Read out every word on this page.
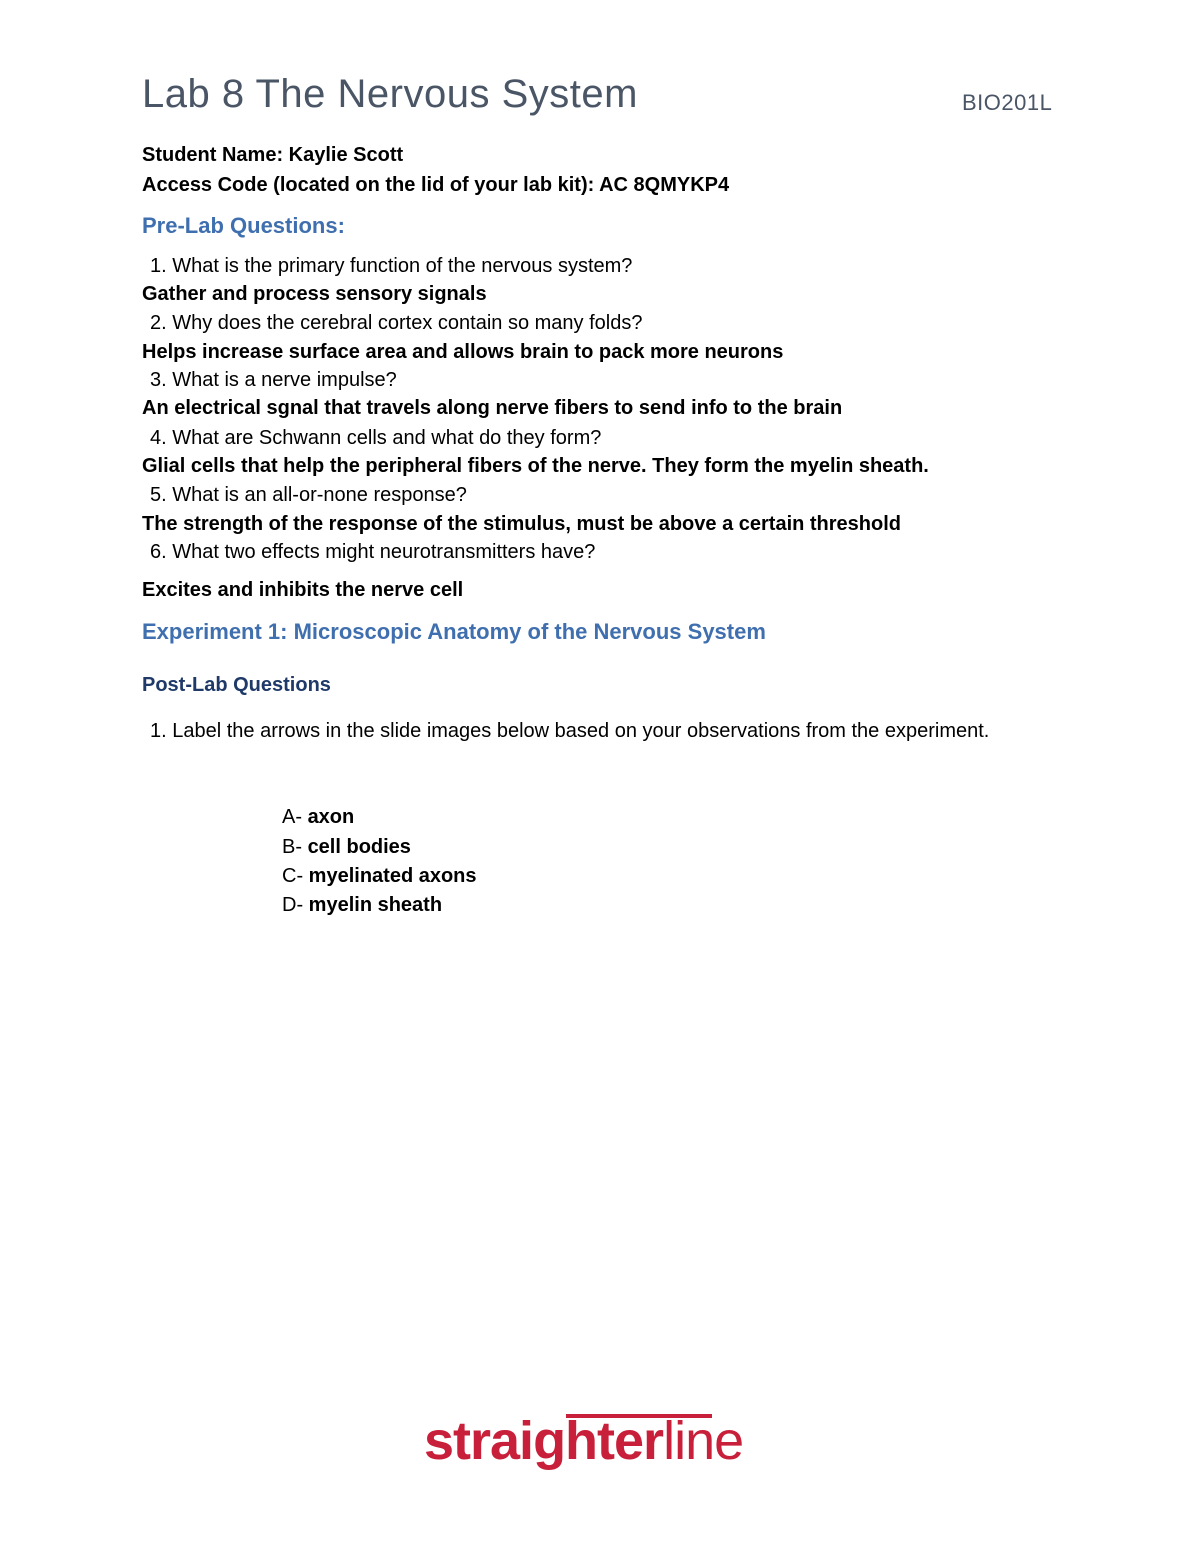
Lab 8 The Nervous System	BIO201L
Student Name: Kaylie Scott
Access Code (located on the lid of your lab kit): AC 8QMYKP4
Pre-Lab Questions:
1. What is the primary function of the nervous system?
Gather and process sensory signals
2. Why does the cerebral cortex contain so many folds?
Helps increase surface area and allows brain to pack more neurons
3. What is a nerve impulse?
An electrical sgnal that travels along nerve fibers to send info to the brain
4. What are Schwann cells and what do they form?
Glial cells that help the peripheral fibers of the nerve. They form the myelin sheath.
5. What is an all-or-none response?
The strength of the response of the stimulus, must be above a certain threshold
6. What two effects might neurotransmitters have?
Excites and inhibits the nerve cell
Experiment 1: Microscopic Anatomy of the Nervous System
Post-Lab Questions
1. Label the arrows in the slide images below based on your observations from the experiment.
A- axon
B- cell bodies
C- myelinated axons
D- myelin sheath
straighterline
